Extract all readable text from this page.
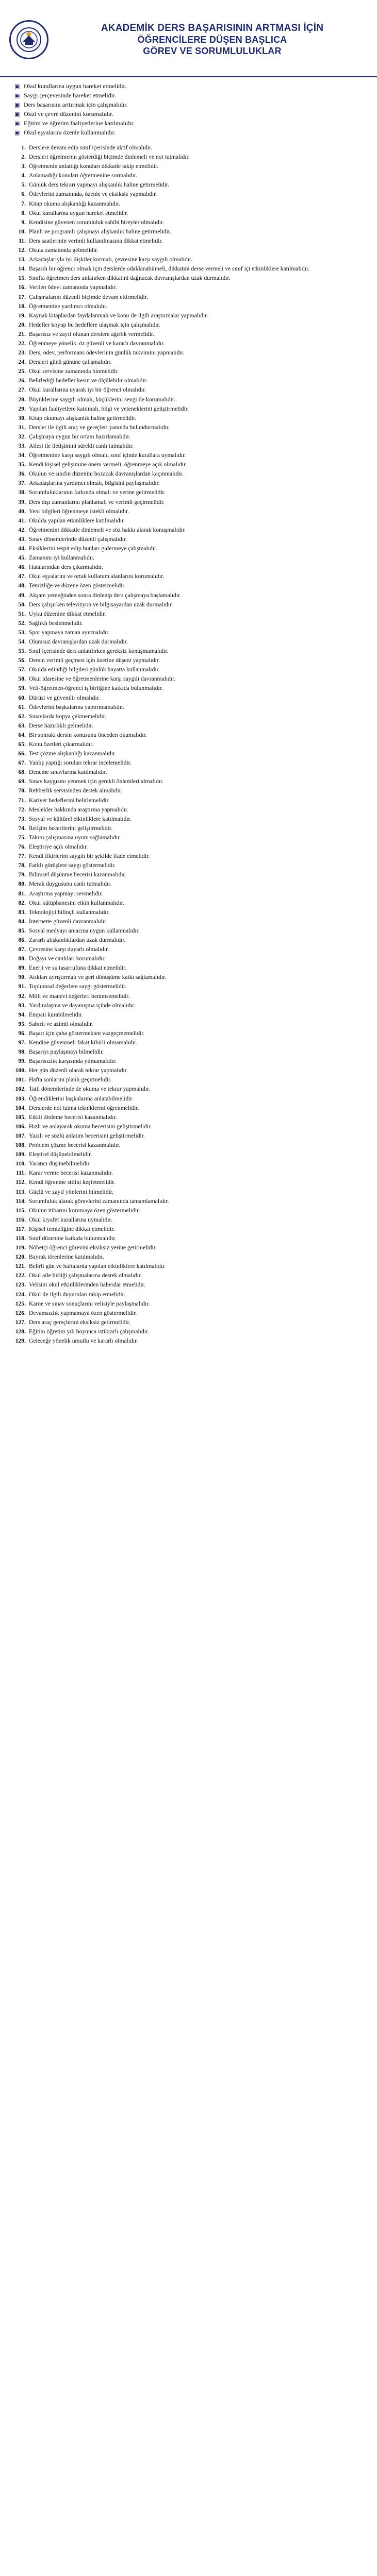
AKADEMİK DERS BAŞARISININ ARTMASI İÇİN
ÖĞRENCİLERE DÜŞEN BAŞLICA
GÖREV VE SORUMLULUKLAR
▣ Okul kurallarına uygun hareket etmelidir.
▣ Saygı çerçevesinde hareket etmelidir.
▣ Ders başarısını arttırmak için çalışmalıdır.
▣ Okul ve çevre düzenini korumalıdır.
▣ Eğitim ve öğretim faaliyetlerine katılmalıdır.
▣ Okul eşyalarını özenle kullanmalıdır.
1. Derslere devam edip sınıf içerisinde aktif olmalıdır.
2. Dersleri öğretmenin gösterdiği biçimde dinlemeli ve not tutmalıdır.
3. Öğretmenin anlattığı konuları dikkatle takip etmelidir.
4. Anlamadığı konuları öğretmenine sormalıdır.
5. Günlük ders tekrarı yapmayı alışkanlık haline getirmelidir.
6. Ödevlerini zamanında, özenle ve eksiksiz yapmalıdır.
7. Kitap okuma alışkanlığı kazanmalıdır.
8. Okul kurallarına uygun hareket etmelidir.
9. Kendisine güvenen sorumluluk sahibi bireyler olmalıdır.
10. Planlı ve programlı çalışmayı alışkanlık haline getirmelidir.
11. Ders saatlerinin verimli kullanılmasına dikkat etmelidir.
12. Okula zamanında gelmelidir.
13. Arkadaşlarıyla iyi ilişkiler kurmalı, çevresine karşı saygılı olmalıdır.
14. Başarılı bir öğrenci olmak için derslerde odaklanabilmeli, dikkatini derse vermeli ve sınıf içi etkinliklere katılmalıdır.
15. Sınıfta öğretmen ders anlatırken dikkatini dağıtacak davranışlardan uzak durmalıdır.
16. Verilen ödevi zamanında yapmalıdır.
17. Çalışmalarını düzenli biçimde devam ettirmelidir.
18. Öğretmenine yardımcı olmalıdır.
19. Kaynak kitaplardan faydalanmalı ve konu ile ilgili araştırmalar yapmalıdır.
20. Hedefler koyup bu hedeflere ulaşmak için çalışmalıdır.
21. Başarısız ve zayıf olunan derslere ağırlık vermelidir.
22. Öğrenmeye yönelik, öz güvenli ve kararlı davranmalıdır.
23. Ders, ödev, performans ödevlerinin günlük takvimini yapmalıdır.
24. Dersleri günü gününe çalışmalıdır.
25. Okul servisine zamanında binmelidir.
26. Belirlediği hedefler kesin ve ölçülebilir olmalıdır.
27. Okul kurallarına uyarak iyi bir öğrenci olmalıdır.
28. Büyüklerine saygılı olmalı, küçüklerini sevgi ile korumalıdır.
29. Yapılan faaliyetlere katılmalı, bilgi ve yeteneklerini geliştirmelidir.
30. Kitap okumayı alışkanlık haline getirmelidir.
31. Dersler ile ilgili araç ve gereçleri yanında bulundurmalıdır.
32. Çalışmaya uygun bir ortam hazırlamalıdır.
33. Ailesi ile iletişimini sürekli canlı tutmalıdır.
34. Öğretmenine karşı saygılı olmalı, sınıf içinde kurallara uymalıdır.
35. Kendi kişisel gelişimine önem vermeli, öğrenmeye açık olmalıdır.
36. Okulun ve sınıfın düzenini bozacak davranışlardan kaçınmalıdır.
37. Arkadaşlarına yardımcı olmalı, bilgisini paylaşmalıdır.
38. Sorumluluklarının farkında olmalı ve yerine getirmelidir.
39. Ders dışı zamanlarını planlamalı ve verimli geçirmelidir.
40. Yeni bilgileri öğrenmeye istekli olmalıdır.
41. Okulda yapılan etkinliklere katılmalıdır.
42. Öğretmenini dikkatle dinlemeli ve söz hakkı alarak konuşmalıdır.
43. Sınav dönemlerinde düzenli çalışmalıdır.
44. Eksiklerini tespit edip bunları gidermeye çalışmalıdır.
45. Zamanını iyi kullanmalıdır.
46. Hatalarından ders çıkarmalıdır.
47. Okul eşyalarını ve ortak kullanım alanlarını korumalıdır.
48. Temizliğe ve düzene özen göstermelidir.
49. Akşam yemeğinden sonra dinlenip ders çalışmaya başlamalıdır.
50. Ders çalışırken televizyon ve bilgisayardan uzak durmalıdır.
51. Uyku düzenine dikkat etmelidir.
52. Sağlıklı beslenmelidir.
53. Spor yapmaya zaman ayırmalıdır.
54. Olumsuz davranışlardan uzak durmalıdır.
55. Sınıf içerisinde ders anlatılırken gereksiz konuşmamalıdır.
56. Dersin verimli geçmesi için üzerine düşeni yapmalıdır.
57. Okulda edindiği bilgileri günlük hayatta kullanmalıdır.
58. Okul idaresine ve öğretmenlerine karşı saygılı davranmalıdır.
59. Veli-öğretmen-öğrenci iş birliğine katkıda bulunmalıdır.
60. Dürüst ve güvenilir olmalıdır.
61. Ödevlerini başkalarına yaptırmamalıdır.
62. Sınavlarda kopya çekmemelidir.
63. Derse hazırlıklı gelmelidir.
64. Bir sonraki dersin konusunu önceden okumalıdır.
65. Konu özetleri çıkarmalıdır.
66. Test çözme alışkanlığı kazanmalıdır.
67. Yanlış yaptığı soruları tekrar incelemelidir.
68. Deneme sınavlarına katılmalıdır.
69. Sınav kaygısını yenmek için gerekli önlemleri almalıdır.
70. Rehberlik servisinden destek almalıdır.
71. Kariyer hedeflerini belirlemelidir.
72. Meslekler hakkında araştırma yapmalıdır.
73. Sosyal ve kültürel etkinliklere katılmalıdır.
74. İletişim becerilerini geliştirmelidir.
75. Takım çalışmasına uyum sağlamalıdır.
76. Eleştiriye açık olmalıdır.
77. Kendi fikirlerini saygılı bir şekilde ifade etmelidir.
78. Farklı görüşlere saygı göstermelidir.
79. Bilimsel düşünme becerisi kazanmalıdır.
80. Merak duygusunu canlı tutmalıdır.
81. Araştırma yapmayı sevmelidir.
82. Okul kütüphanesini etkin kullanmalıdır.
83. Teknolojiyi bilinçli kullanmalıdır.
84. İnternette güvenli davranmalıdır.
85. Sosyal medyayı amacına uygun kullanmalıdır.
86. Zararlı alışkanlıklardan uzak durmalıdır.
87. Çevresine karşı duyarlı olmalıdır.
88. Doğayı ve canlıları korumalıdır.
89. Enerji ve su tasarrufuna dikkat etmelidir.
90. Atıkları ayrıştırmalı ve geri dönüşüme katkı sağlamalıdır.
91. Toplumsal değerlere saygı göstermelidir.
92. Milli ve manevi değerleri benimsemelidir.
93. Yardımlaşma ve dayanışma içinde olmalıdır.
94. Empati kurabilmelidir.
95. Sabırlı ve azimli olmalıdır.
96. Başarı için çaba göstermekten vazgeçmemelidir.
97. Kendine güvenmeli fakat kibirli olmamalıdır.
98. Başarıyı paylaşmayı bilmelidir.
99. Başarısızlık karşısında yılmamalıdır.
100. Her gün düzenli olarak tekrar yapmalıdır.
101. Hafta sonlarını planlı geçirmelidir.
102. Tatil dönemlerinde de okuma ve tekrar yapmalıdır.
103. Öğrendiklerini başkalarına anlatabilmelidir.
104. Derslerde not tutma tekniklerini öğrenmelidir.
105. Etkili dinleme becerisi kazanmalıdır.
106. Hızlı ve anlayarak okuma becerisini geliştirmelidir.
107. Yazılı ve sözlü anlatım becerisini geliştirmelidir.
108. Problem çözme becerisi kazanmalıdır.
109. Eleştirel düşünebilmelidir.
110. Yaratıcı düşünebilmelidir.
111. Karar verme becerisi kazanmalıdır.
112. Kendi öğrenme stilini keşfetmelidir.
113. Güçlü ve zayıf yönlerini bilmelidir.
114. Sorumluluk alarak görevlerini zamanında tamamlamalıdır.
115. Okulun itibarını korumaya özen göstermelidir.
116. Okul kıyafet kurallarına uymalıdır.
117. Kişisel temizliğine dikkat etmelidir.
118. Sınıf düzenine katkıda bulunmalıdır.
119. Nöbetçi öğrenci görevini eksiksiz yerine getirmelidir.
120. Bayrak törenlerine katılmalıdır.
121. Belirli gün ve haftalarda yapılan etkinliklere katılmalıdır.
122. Okul aile birliği çalışmalarına destek olmalıdır.
123. Velisini okul etkinliklerinden haberdar etmelidir.
124. Okul ile ilgili duyuruları takip etmelidir.
125. Karne ve sınav sonuçlarını velisiyle paylaşmalıdır.
126. Devamsızlık yapmamaya özen göstermelidir.
127. Ders araç gereçlerini eksiksiz getirmelidir.
128. Eğitim öğretim yılı boyunca istikrarlı çalışmalıdır.
129. Geleceğe yönelik umutlu ve kararlı olmalıdır.
